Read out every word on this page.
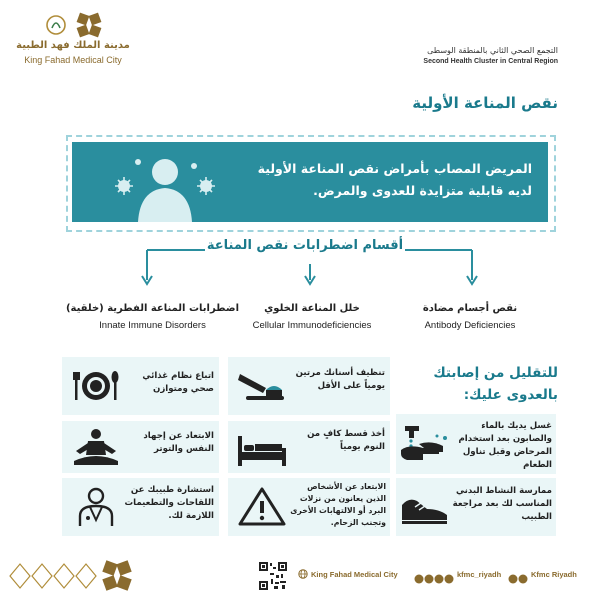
مدينة الملك فهد الطبية
King Fahad Medical City
التجمع الصحي الثاني بالمنطقة الوسطى
Second Health Cluster in Central Region
نقص المناعة الأولية
المريض المصاب بأمراض نقص المناعة الأولية
لديه قابلية متزايدة للعدوى والمرض.
أقسام اضطرابات نقص المناعة
نقص أجسام مضادة
Antibody Deficiencies
خلل المناعة الخلوي
Cellular Immunodeficiencies
اضطرابات المناعة الفطرية (خلقية)
Innate Immune Disorders
للتقليل من إصابتك
بالعدوى عليك:
اتباع نظام غذائي صحي ومتوازن
تنظيف أسنانك مرتين يومياً على الأقل
الابتعاد عن إجهاد النفس والتوتر
أخذ قسط كافٍ من النوم يومياً
غسل يديك بالماء والصابون بعد استخدام المرحاض وقبل تناول الطعام
استشارة طبيبك عن اللقاحات والتطعيمات اللازمة لك.
الابتعاد عن الأشخاص الذين يعانون من نزلات البرد أو الالتهابات الأخرى وتجنب الزحام.
ممارسة النشاط البدني المناسب لك بعد مراجعة الطبيب
King Fahad Medical City	kfmc_riyadh	Kfmc Riyadh
